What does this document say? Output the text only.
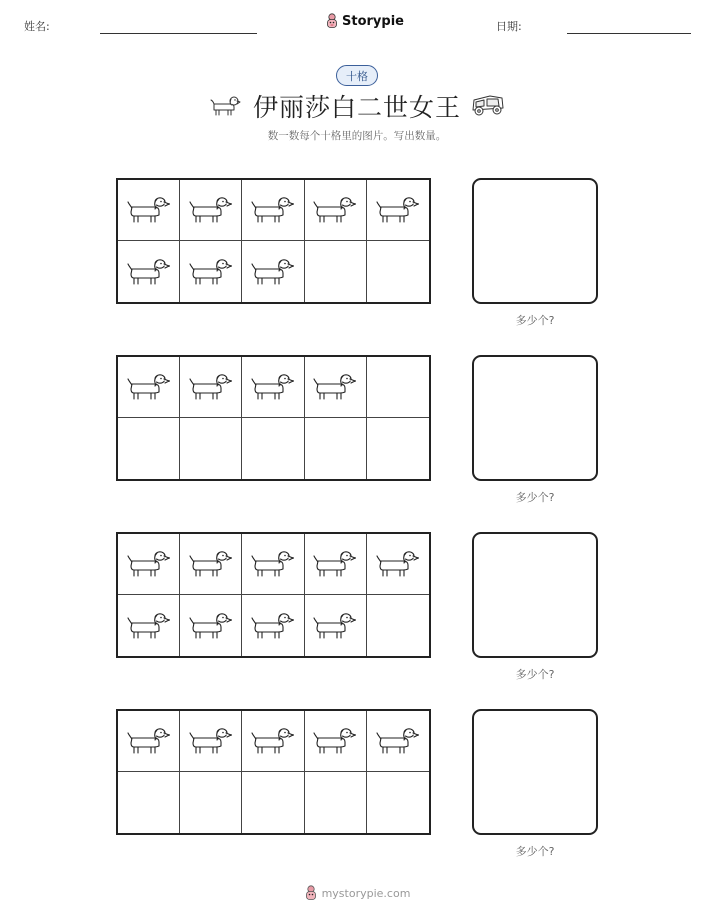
姓名:	Storypie	日期:
十格
伊丽莎白二世女王
数一数每个十格里的图片。写出数量。
多少个?
多少个?
多少个?
多少个?
mystorypie.com
